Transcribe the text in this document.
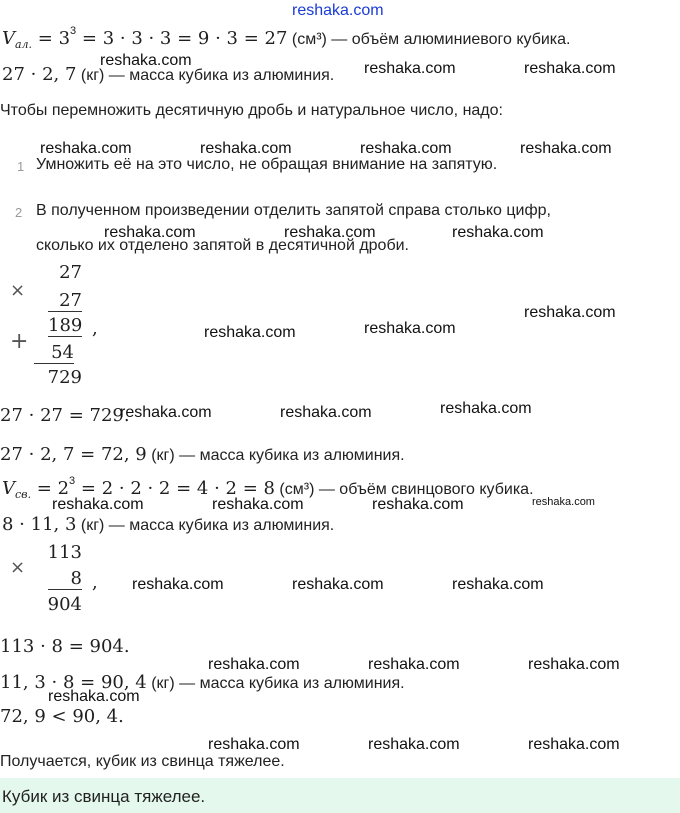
reshaka.com
$V_{ал.} = 3^3 = 3 \cdot 3 \cdot 3 = 9 \cdot 3 = 27$ (см³) — объём алюминиевого кубика.
27 · 2, 7 (кг) — масса кубика из алюминия.
Чтобы перемножить десятичную дробь и натуральное число, надо:
1 Умножить её на это число, не обращая внимание на запятую.
2 В полученном произведении отделить запятой справа столько цифр,
сколько их отделено запятой в десятичной дроби.
×
+
27
27
189
54
729
,
27 · 27 = 729.
27 · 2, 7 = 72, 9 (кг) — масса кубика из алюминия.
$V_{св.} = 2^3 = 2 \cdot 2 \cdot 2 = 4 \cdot 2 = 8$ (см³) — объём свинцового кубика.
8 · 11, 3 (кг) — масса кубика из алюминия.
×
113
8
904
,
113 · 8 = 904.
11, 3 · 8 = 90, 4 (кг) — масса кубика из алюминия.
72, 9 < 90, 4.
Получается, кубик из свинца тяжелее.
Кубик из свинца тяжелее.
reshaka.com	reshaka.com	reshaka.com
reshaka.com	reshaka.com	reshaka.com	reshaka.com
reshaka.com	reshaka.com	reshaka.com
reshaka.com
reshaka.com	reshaka.com
reshaka.com	reshaka.com	reshaka.com
reshaka.com	reshaka.com	reshaka.com	reshaka.com
reshaka.com	reshaka.com	reshaka.com
reshaka.com	reshaka.com	reshaka.com
reshaka.com
reshaka.com	reshaka.com	reshaka.com
